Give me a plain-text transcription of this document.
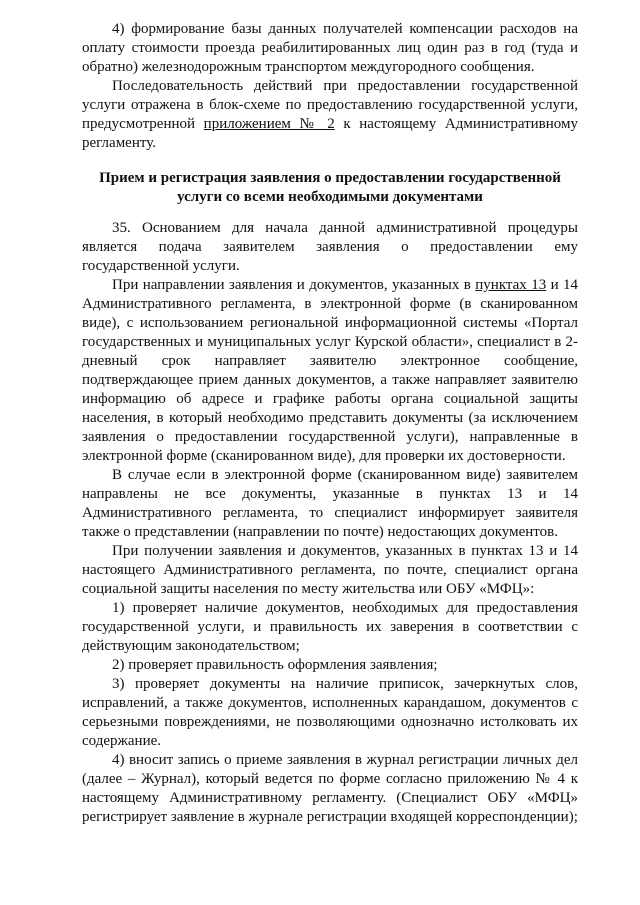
4) формирование базы данных получателей компенсации расходов на оплату стоимости проезда реабилитированных лиц один раз в год (туда и обратно) железнодорожным транспортом междугородного сообщения.

Последовательность действий при предоставлении государственной услуги отражена в блок-схеме по предоставлению государственной услуги, предусмотренной приложением № 2 к настоящему Административному регламенту.

Прием и регистрация заявления о предоставлении государственной услуги со всеми необходимыми документами

35. Основанием для начала данной административной процедуры является подача заявителем заявления о предоставлении ему государственной услуги.

При направлении заявления и документов, указанных в пунктах 13 и 14 Административного регламента, в электронной форме (в сканированном виде), с использованием региональной информационной системы «Портал государственных и муниципальных услуг Курской области», специалист в 2-дневный срок направляет заявителю электронное сообщение, подтверждающее прием данных документов, а также направляет заявителю информацию об адресе и графике работы органа социальной защиты населения, в который необходимо представить документы (за исключением заявления о предоставлении государственной услуги), направленные в электронной форме (сканированном виде), для проверки их достоверности.

В случае если в электронной форме (сканированном виде) заявителем направлены не все документы, указанные в пунктах 13 и 14 Административного регламента, то специалист информирует заявителя также о представлении (направлении по почте) недостающих документов.

При получении заявления и документов, указанных в пунктах 13 и 14 настоящего Административного регламента, по почте, специалист органа социальной защиты населения по месту жительства или ОБУ «МФЦ»:

1) проверяет наличие документов, необходимых для предоставления государственной услуги, и правильность их заверения в соответствии с действующим законодательством;

2) проверяет правильность оформления заявления;

3) проверяет документы на наличие приписок, зачеркнутых слов, исправлений, а также документов, исполненных карандашом, документов с серьезными повреждениями, не позволяющими однозначно истолковать их содержание.

4) вносит запись о приеме заявления в журнал регистрации личных дел (далее – Журнал), который ведется по форме согласно приложению № 4 к настоящему Административному регламенту. (Специалист ОБУ «МФЦ» регистрирует заявление в журнале регистрации входящей корреспонденции);
